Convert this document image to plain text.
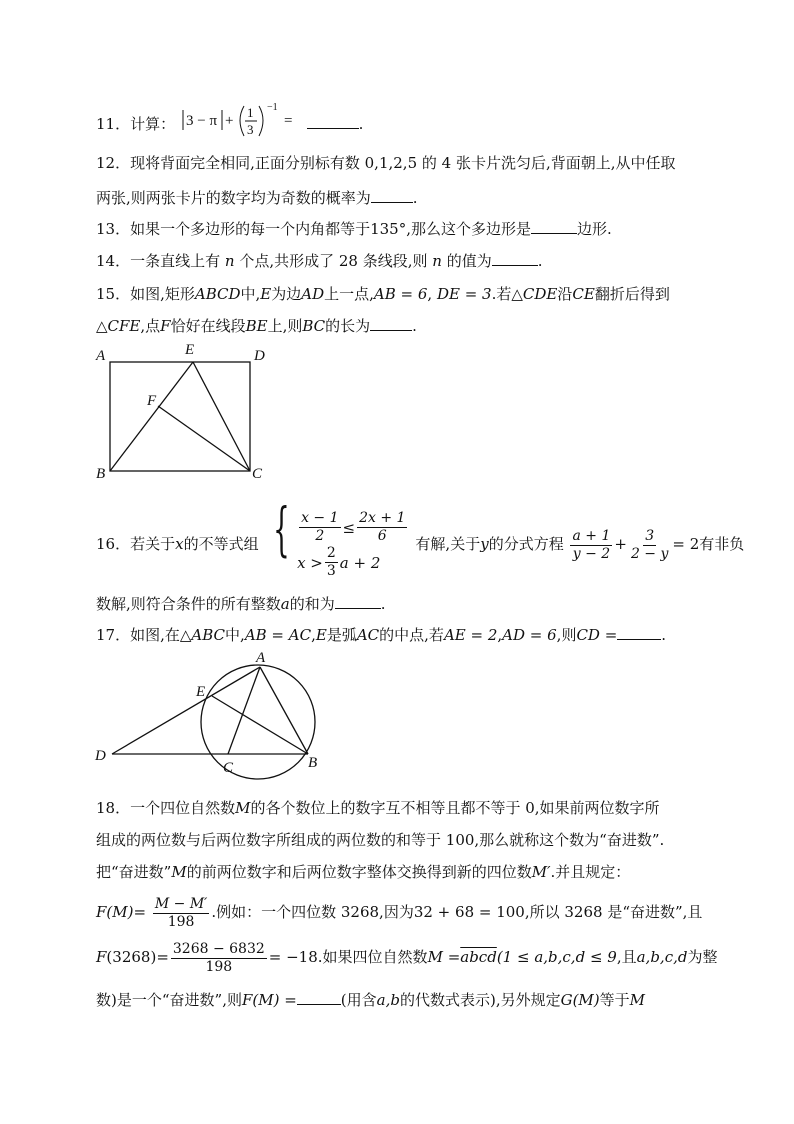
11．计算： 3 − π +
1
3
−1
=	.
12．现将背面完全相同,正面分别标有数 0,1,2,5 的 4 张卡片洗匀后,背面朝上,从中任取
两张,则两张卡片的数字均为奇数的概率为	.
13．如果一个多边形的每一个内角都等于135°,那么这个多边形是	边形.
14．一条直线上有 n 个点,共形成了 28 条线段,则 n 的值为	.
15．如图,矩形ABCD中,E为边AD上一点,AB = 6, DE = 3.若△CDE沿CE翻折后得到
△CFE,点F恰好在线段BE上,则BC的长为	.
A	E	D
F
B	C
16．若关于x的不等式组 { $\frac{x - 1}{2} \le \frac{2x + 1}{6}$
$x > \frac{2}{3}$ a + 2
有解,关于y的分式方程 $\frac{a + 1}{y - 2} + \frac{3}{2 - y} = 2$有非负
数解,则符合条件的所有整数a的和为	.
17．如图,在△ABC中,AB = AC,E是弧AC的中点,若AE = 2,AD = 6,则CD =	.
A
E
D
C	B
18．一个四位自然数M的各个数位上的数字互不相等且都不等于 0,如果前两位数字所
组成的两位数与后两位数字所组成的两位数的和等于 100,那么就称这个数为“奋进数”.
把“奋进数”M的前两位数字和后两位数字整体交换得到新的四位数M′.并且规定：
$F(M)= \frac{M - M'}{198}$ .例如：一个四位数 3268,因为32 + 68 = 100,所以 3268 是“奋进数”,且
$F(3268)= \frac{3268 - 6832}{198} = -18$.如果四位自然数M =abcd(1 ≤ a,b,c,d ≤ 9,且a,b,c,d为整
数)是一个“奋进数”,则F(M) =	(用含a,b的代数式表示),另外规定G(M)等于M
